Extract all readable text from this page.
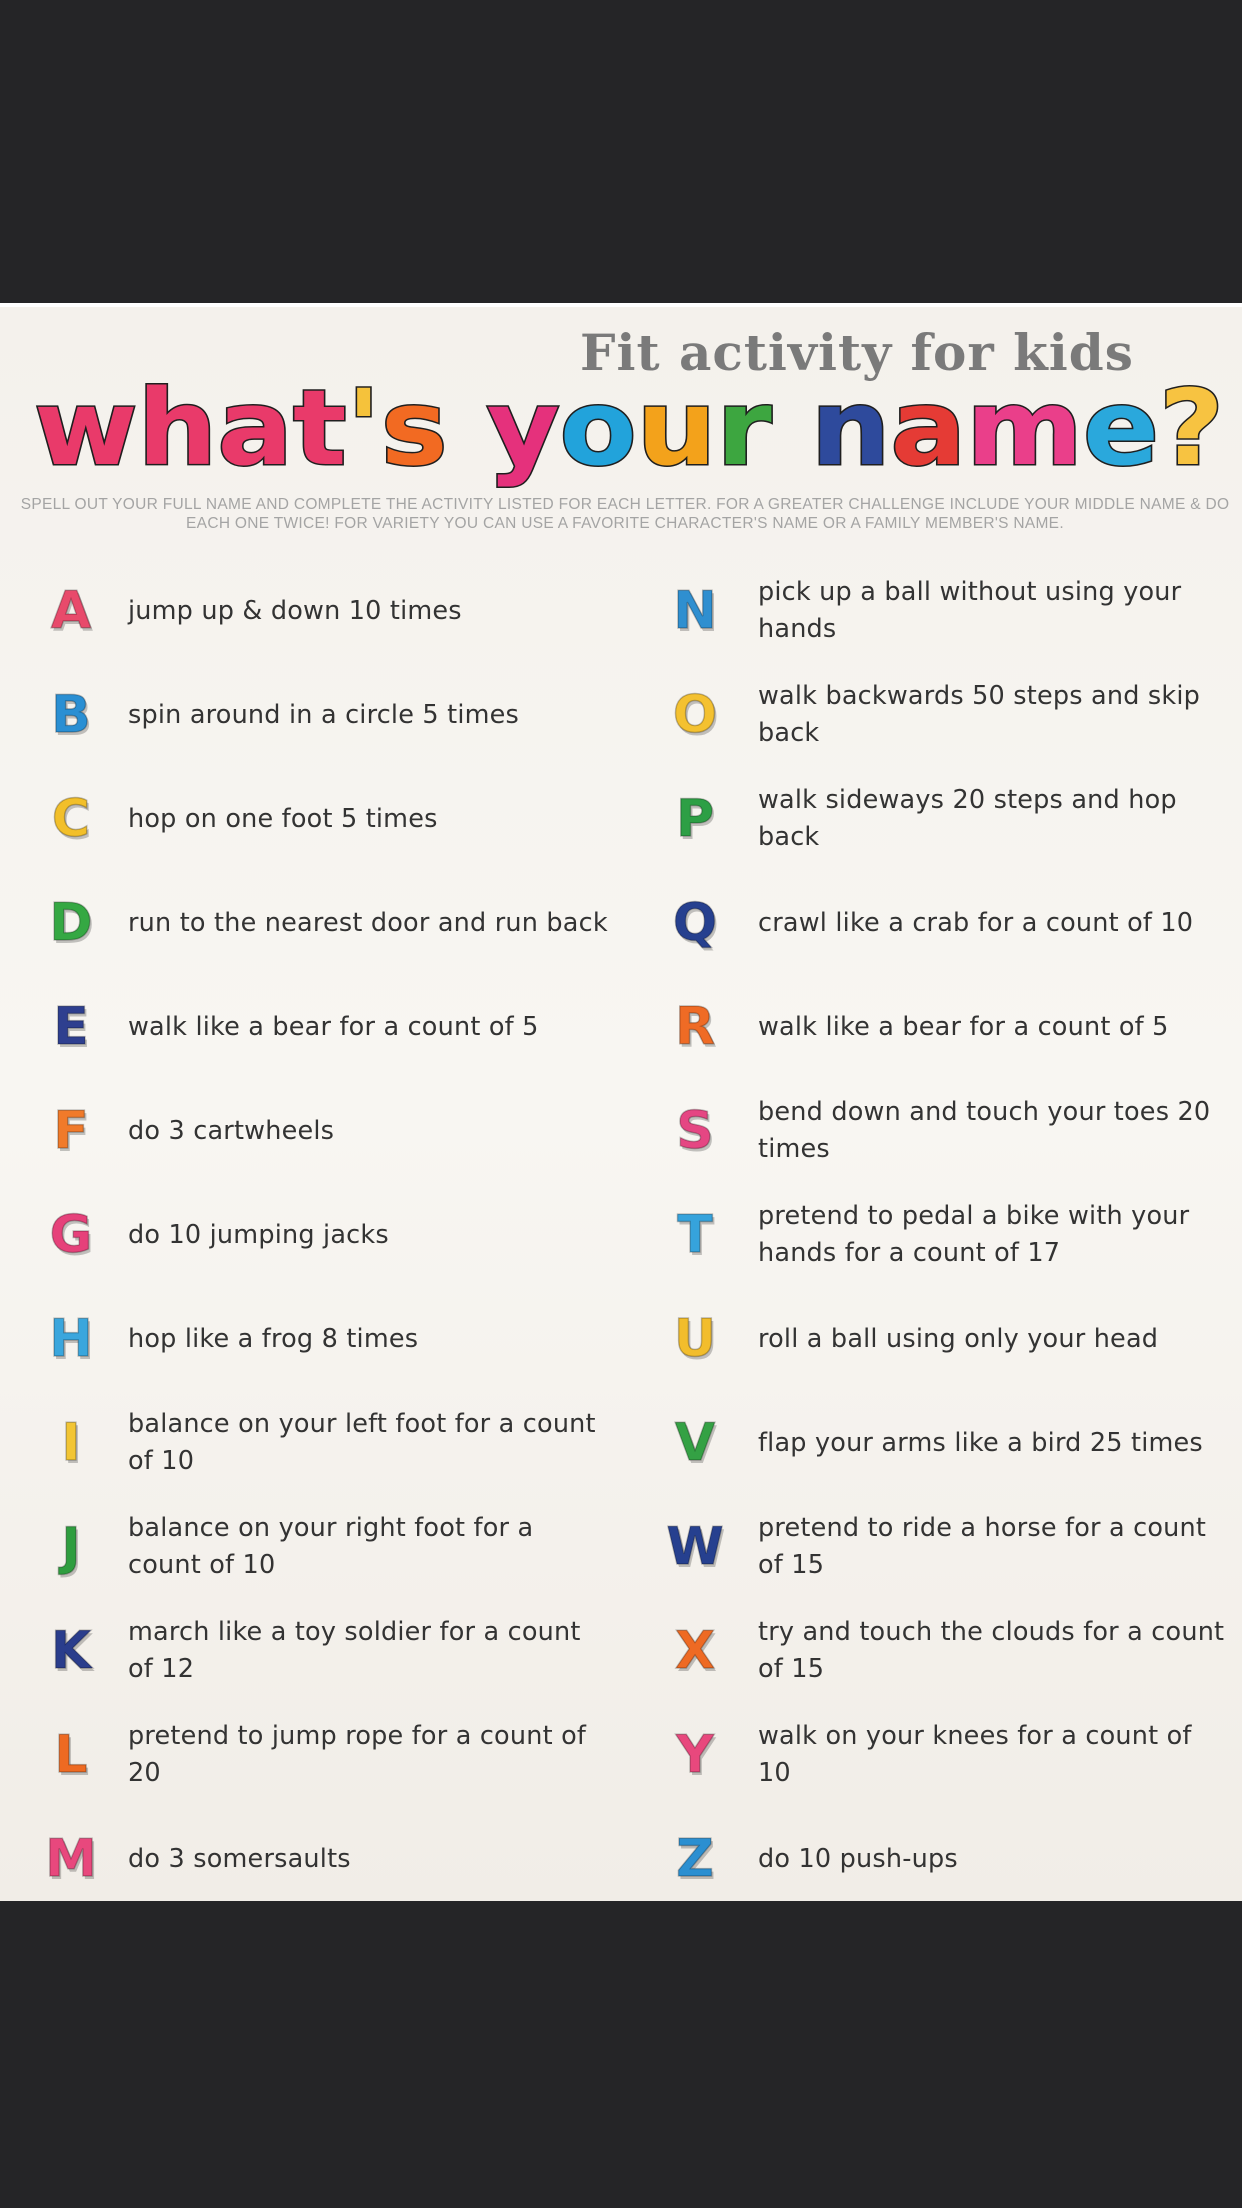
Fit activity for kids
what 's your name?
SPELL OUT YOUR FULL NAME AND COMPLETE THE ACTIVITY LISTED FOR EACH LETTER. FOR A GREATER CHALLENGE INCLUDE YOUR MIDDLE NAME & DO EACH ONE TWICE! FOR VARIETY YOU CAN USE A FAVORITE CHARACTER'S NAME OR A FAMILY MEMBER'S NAME.
A	jump up & down 10 times
B	spin around in a circle 5 times
C	hop on one foot 5 times
D	run to the nearest door and run back
E	walk like a bear for a count of 5
F	do 3 cartwheels
G	do 10 jumping jacks
H	hop like a frog 8 times
I	balance on your left foot for a count of 10
J	balance on your right foot for a count of 10
K	march like a toy soldier for a count of 12
L	pretend to jump rope for a count of 20
M	do 3 somersaults
N	pick up a ball without using your hands
O	walk backwards 50 steps and skip back
P	walk sideways 20 steps and hop back
Q	crawl like a crab for a count of 10
R	walk like a bear for a count of 5
S	bend down and touch your toes 20 times
T	pretend to pedal a bike with your hands for a count of 17
U	roll a ball using only your head
V	flap your arms like a bird 25 times
W pretend to ride a horse for a count of 15
X	try and touch the clouds for a count of 15
Y	walk on your knees for a count of 10
Z	do 10 push-ups
